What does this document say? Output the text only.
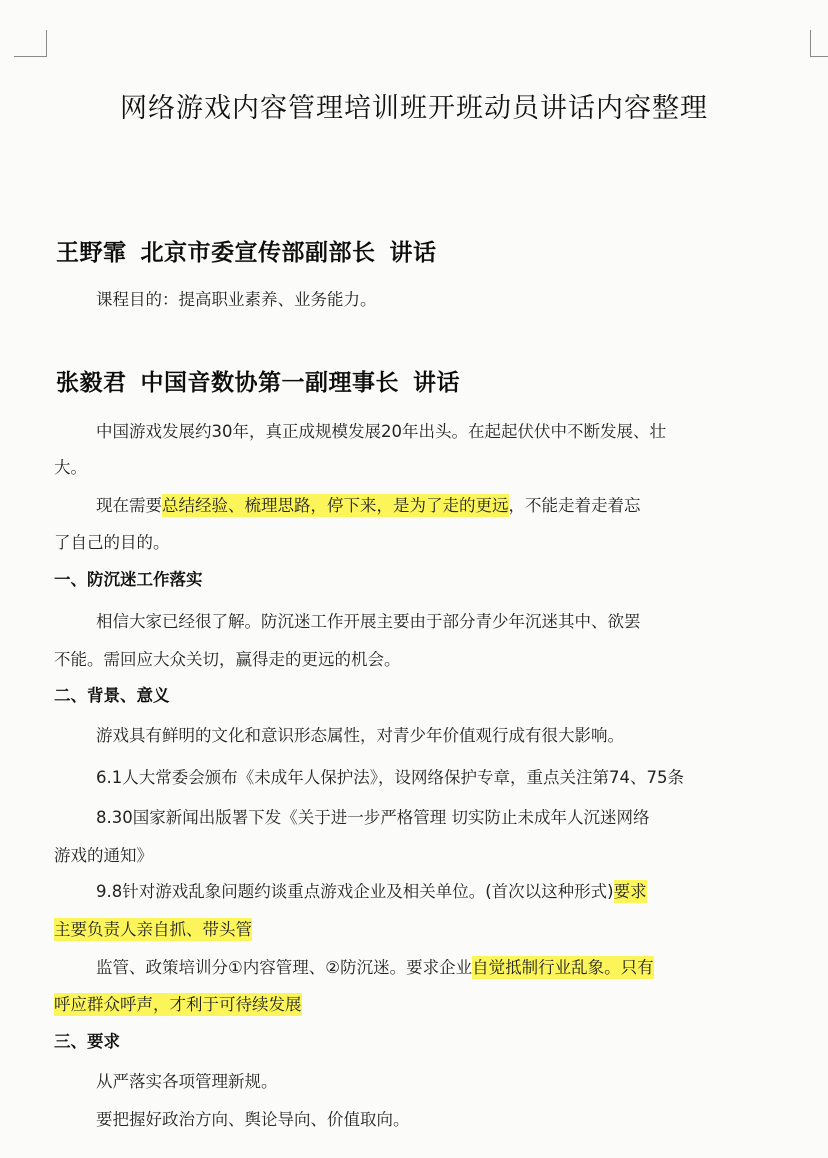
网络游戏内容管理培训班开班动员讲话内容整理
王野霏 北京市委宣传部副部长 讲话
课程目的：提高职业素养、业务能力。
张毅君 中国音数协第一副理事长 讲话
中国游戏发展约30年，真正成规模发展20年出头。在起起伏伏中不断发展、壮
大。
现在需要总结经验、梳理思路，停下来，是为了走的更远，不能走着走着忘
了自己的目的。
一、防沉迷工作落实
相信大家已经很了解。防沉迷工作开展主要由于部分青少年沉迷其中、欲罢
不能。需回应大众关切，赢得走的更远的机会。
二、背景、意义
游戏具有鲜明的文化和意识形态属性，对青少年价值观行成有很大影响。
6.1人大常委会颁布《未成年人保护法》，设网络保护专章，重点关注第74、75条
8.30国家新闻出版署下发《关于进一步严格管理 切实防止未成年人沉迷网络
游戏的通知》
9.8针对游戏乱象问题约谈重点游戏企业及相关单位。(首次以这种形式)要求
主要负责人亲自抓、带头管
监管、政策培训分①内容管理、②防沉迷。要求企业自觉抵制行业乱象。只有
呼应群众呼声，才利于可待续发展
三、要求
从严落实各项管理新规。
要把握好政治方向、舆论导向、价值取向。
